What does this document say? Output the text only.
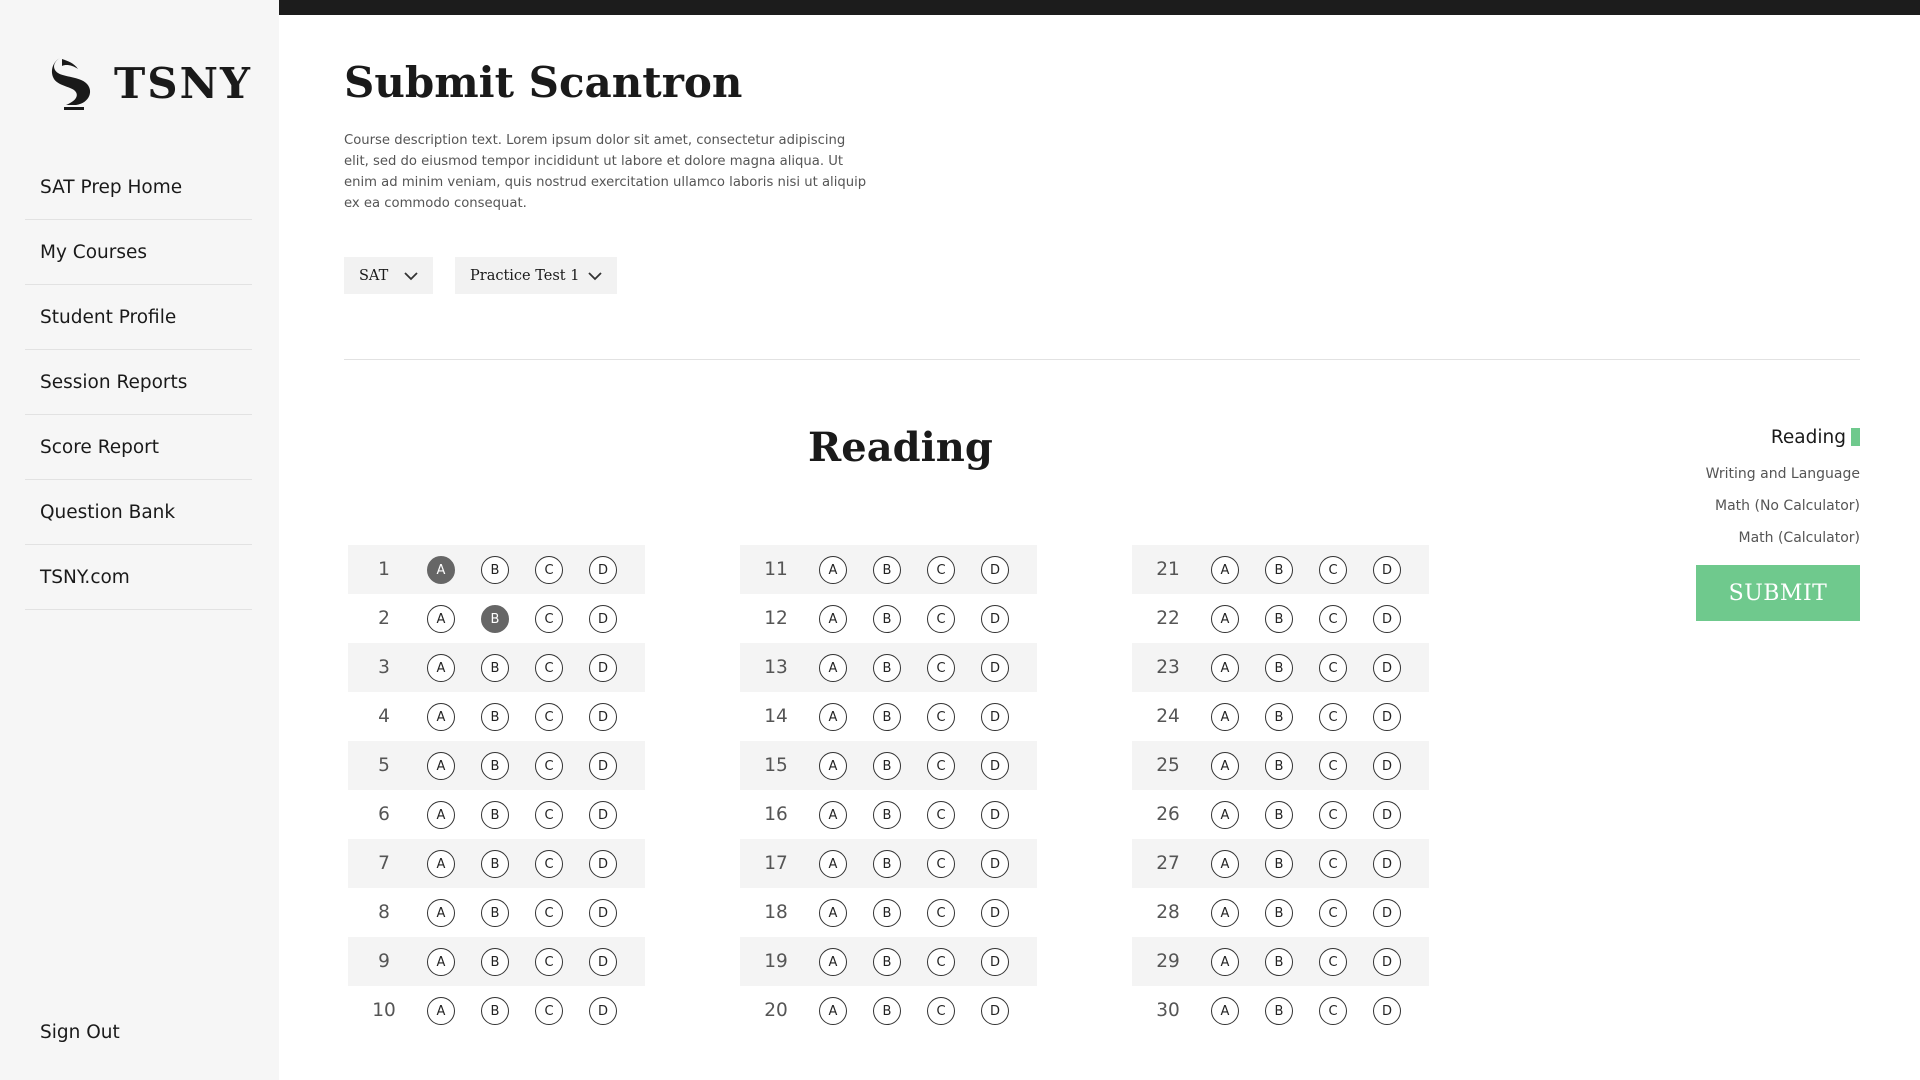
TSNY
SAT Prep Home
My Courses
Student Profile
Session Reports
Score Report
Question Bank
TSNY.com
Sign Out
Submit Scantron

Course description text. Lorem ipsum dolor sit amet, consectetur adipiscing elit, sed do eiusmod tempor incididunt ut labore et dolore magna aliqua. Ut enim ad minim veniam, quis nostrud exercitation ullamco laboris nisi ut aliquip ex ea commodo consequat.

SAT	Practice Test 1
Reading
1	A	B	C	D
2	A	B	C	D
3	A	B	C	D
4	A	B	C	D
5	A	B	C	D
6	A	B	C	D
7	A	B	C	D
8	A	B	C	D
9	A	B	C	D
10	A	B	C	D
11	A	B	C	D
12	A	B	C	D
13	A	B	C	D
14	A	B	C	D
15	A	B	C	D
16	A	B	C	D
17	A	B	C	D
18	A	B	C	D
19	A	B	C	D
20	A	B	C	D
21	A	B	C	D
22	A	B	C	D
23	A	B	C	D
24	A	B	C	D
25	A	B	C	D
26	A	B	C	D
27	A	B	C	D
28	A	B	C	D
29	A	B	C	D
30	A	B	C	D
Reading
Writing and Language
Math (No Calculator)
Math (Calculator)
SUBMIT
